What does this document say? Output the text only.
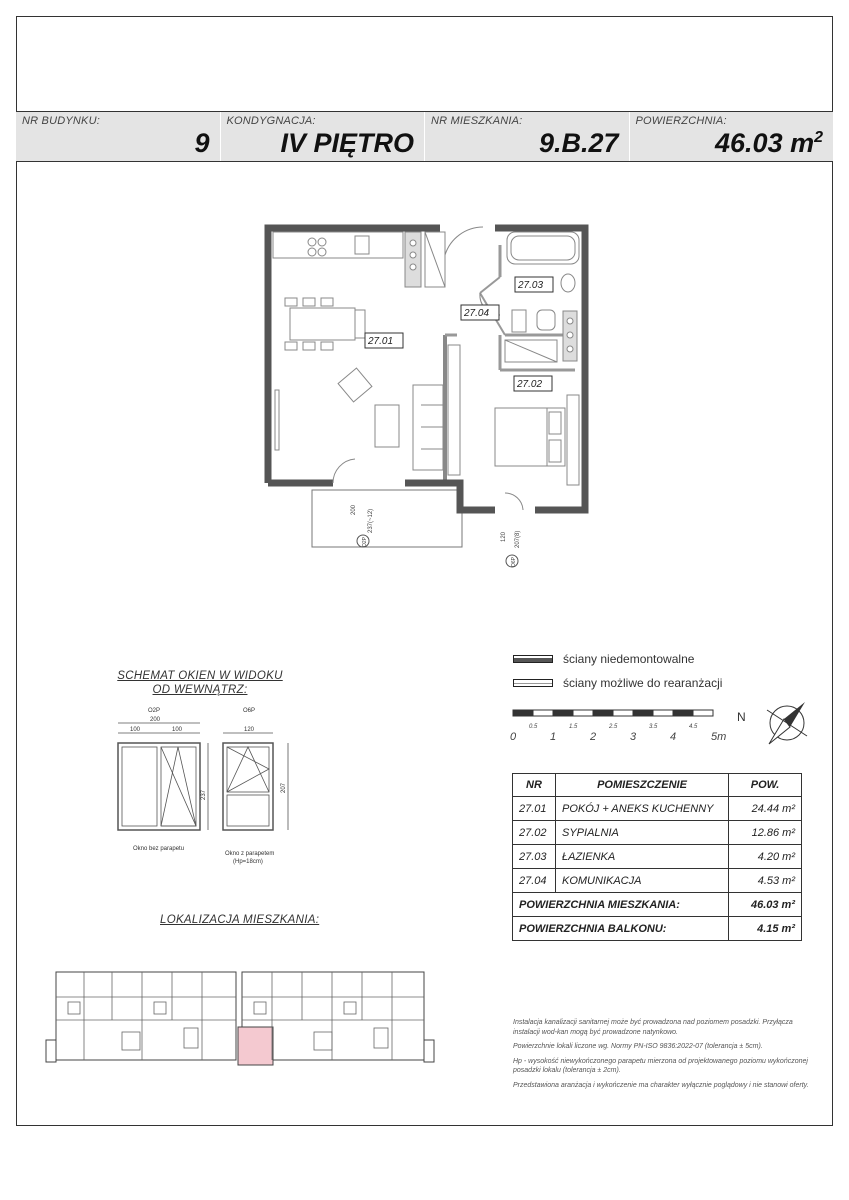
NR BUDYNKU:
9
KONDYGNACJA:
IV PIĘTRO
NR MIESZKANIA:
9.B.27
POWIERZCHNIA:
46.03 $m^2$
27.01
27.03
27.04
27.02
200 237(~12)
O2P	120 207(8)
O6P
ściany niedemontowalne
ściany możliwe do rearanżacji
0
0.5
1
1.5
2
2.5
3
3.5
4
4.5
5m
N
NR	POMIESZCZENIE	POW.
27.01	POKÓJ + ANEKS KUCHENNY	24.44 m²
27.02	SYPIALNIA	12.86 m²
27.03	ŁAZIENKA	4.20 m²
27.04	KOMUNIKACJA	4.53 m²
POWIERZCHNIA MIESZKANIA:		46.03 m²
POWIERZCHNIA BALKONU:		4.15 m²
SCHEMAT OKIEN W WIDOKU
OD WEWNĄTRZ:
O2P
200
100	100
237
O6P
120
207
Okno bez parapetu
Okno z parapetem
(Hp=18cm)
LOKALIZACJA MIESZKANIA:

Instalacja kanalizacji sanitarnej może być prowadzona nad poziomem posadzki. Przyłącza instalacji wod-kan mogą być prowadzone natynkowo.

Powierzchnie lokali liczone wg. Normy PN-ISO 9836:2022-07 (tolerancja ± 5cm).

Hp - wysokość niewykończonego parapetu mierzona od projektowanego poziomu wykończonej posadzki lokalu (tolerancja ± 2cm).

Przedstawiona aranżacja i wykończenie ma charakter wyłącznie poglądowy i nie stanowi oferty.
